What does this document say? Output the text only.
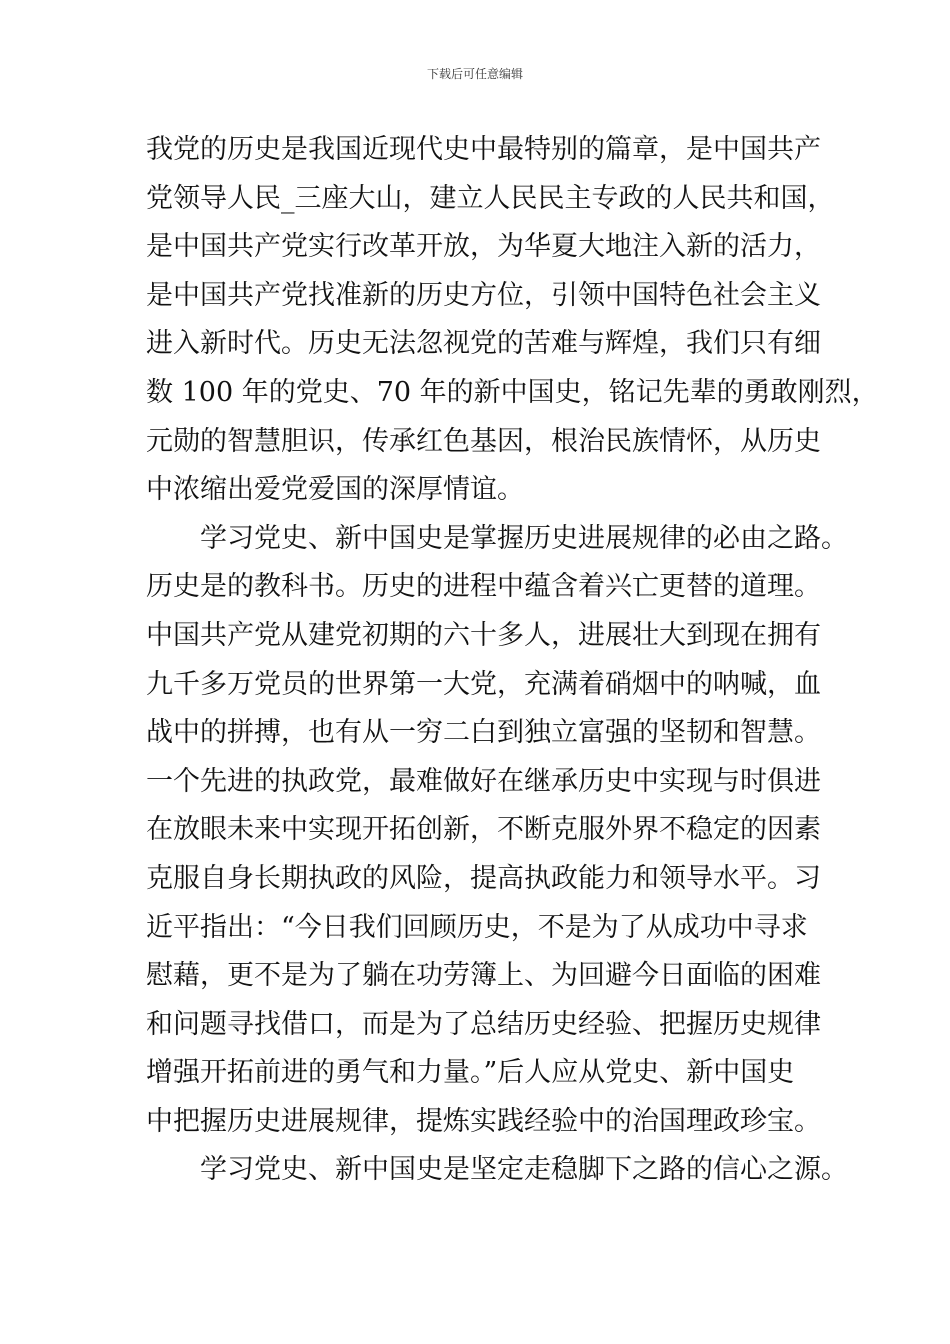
下载后可任意编辑
我党的历史是我国近现代史中最特别的篇章，是中国共产
党领导人民_三座大山，建立人民民主专政的人民共和国，
是中国共产党实行改革开放，为华夏大地注入新的活力，
是中国共产党找准新的历史方位，引领中国特色社会主义
进入新时代。历史无法忽视党的苦难与辉煌，我们只有细
数 100 年的党史、70 年的新中国史，铭记先辈的勇敢刚烈，
元勋的智慧胆识，传承红色基因，根治民族情怀，从历史
中浓缩出爱党爱国的深厚情谊。
学习党史、新中国史是掌握历史进展规律的必由之路。
历史是的教科书。历史的进程中蕴含着兴亡更替的道理。
中国共产党从建党初期的六十多人，进展壮大到现在拥有
九千多万党员的世界第一大党，充满着硝烟中的呐喊，血
战中的拼搏，也有从一穷二白到独立富强的坚韧和智慧。
一个先进的执政党，最难做好在继承历史中实现与时俱进
在放眼未来中实现开拓创新，不断克服外界不稳定的因素
克服自身长期执政的风险，提高执政能力和领导水平。习
近平指出：“今日我们回顾历史，不是为了从成功中寻求
慰藉，更不是为了躺在功劳簿上、为回避今日面临的困难
和问题寻找借口，而是为了总结历史经验、把握历史规律
增强开拓前进的勇气和力量。”后人应从党史、新中国史
中把握历史进展规律，提炼实践经验中的治国理政珍宝。
学习党史、新中国史是坚定走稳脚下之路的信心之源。
